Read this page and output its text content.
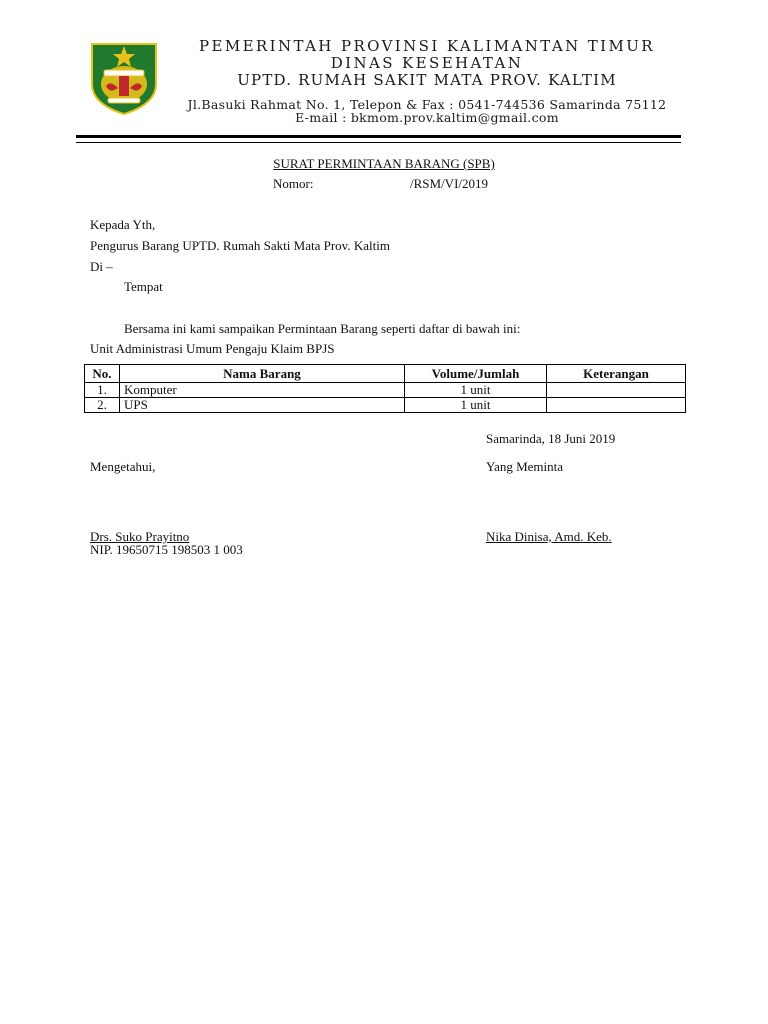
PEMERINTAH PROVINSI KALIMANTAN TIMUR
DINAS KESEHATAN
UPTD. RUMAH SAKIT MATA PROV. KALTIM
Jl.Basuki Rahmat No. 1, Telepon & Fax : 0541-744536 Samarinda 75112
E-mail : bkmom.prov.kaltim@gmail.com
SURAT PERMINTAAN BARANG (SPB)
Nomor:	/RSM/VI/2019
Kepada Yth,
Pengurus Barang UPTD. Rumah Sakti Mata Prov. Kaltim
Di –
Tempat
Bersama ini kami sampaikan Permintaan Barang seperti daftar di bawah ini:
Unit Administrasi Umum Pengaju Klaim BPJS
No.	Nama Barang	Volume/Jumlah	Keterangan
1.	Komputer	1 unit	
2.	UPS	1 unit	
Samarinda, 18 Juni 2019
Mengetahui,	Yang Meminta
Drs. Suko Prayitno
NIP. 19650715 198503 1 003
Nika Dinisa, Amd. Keb.
